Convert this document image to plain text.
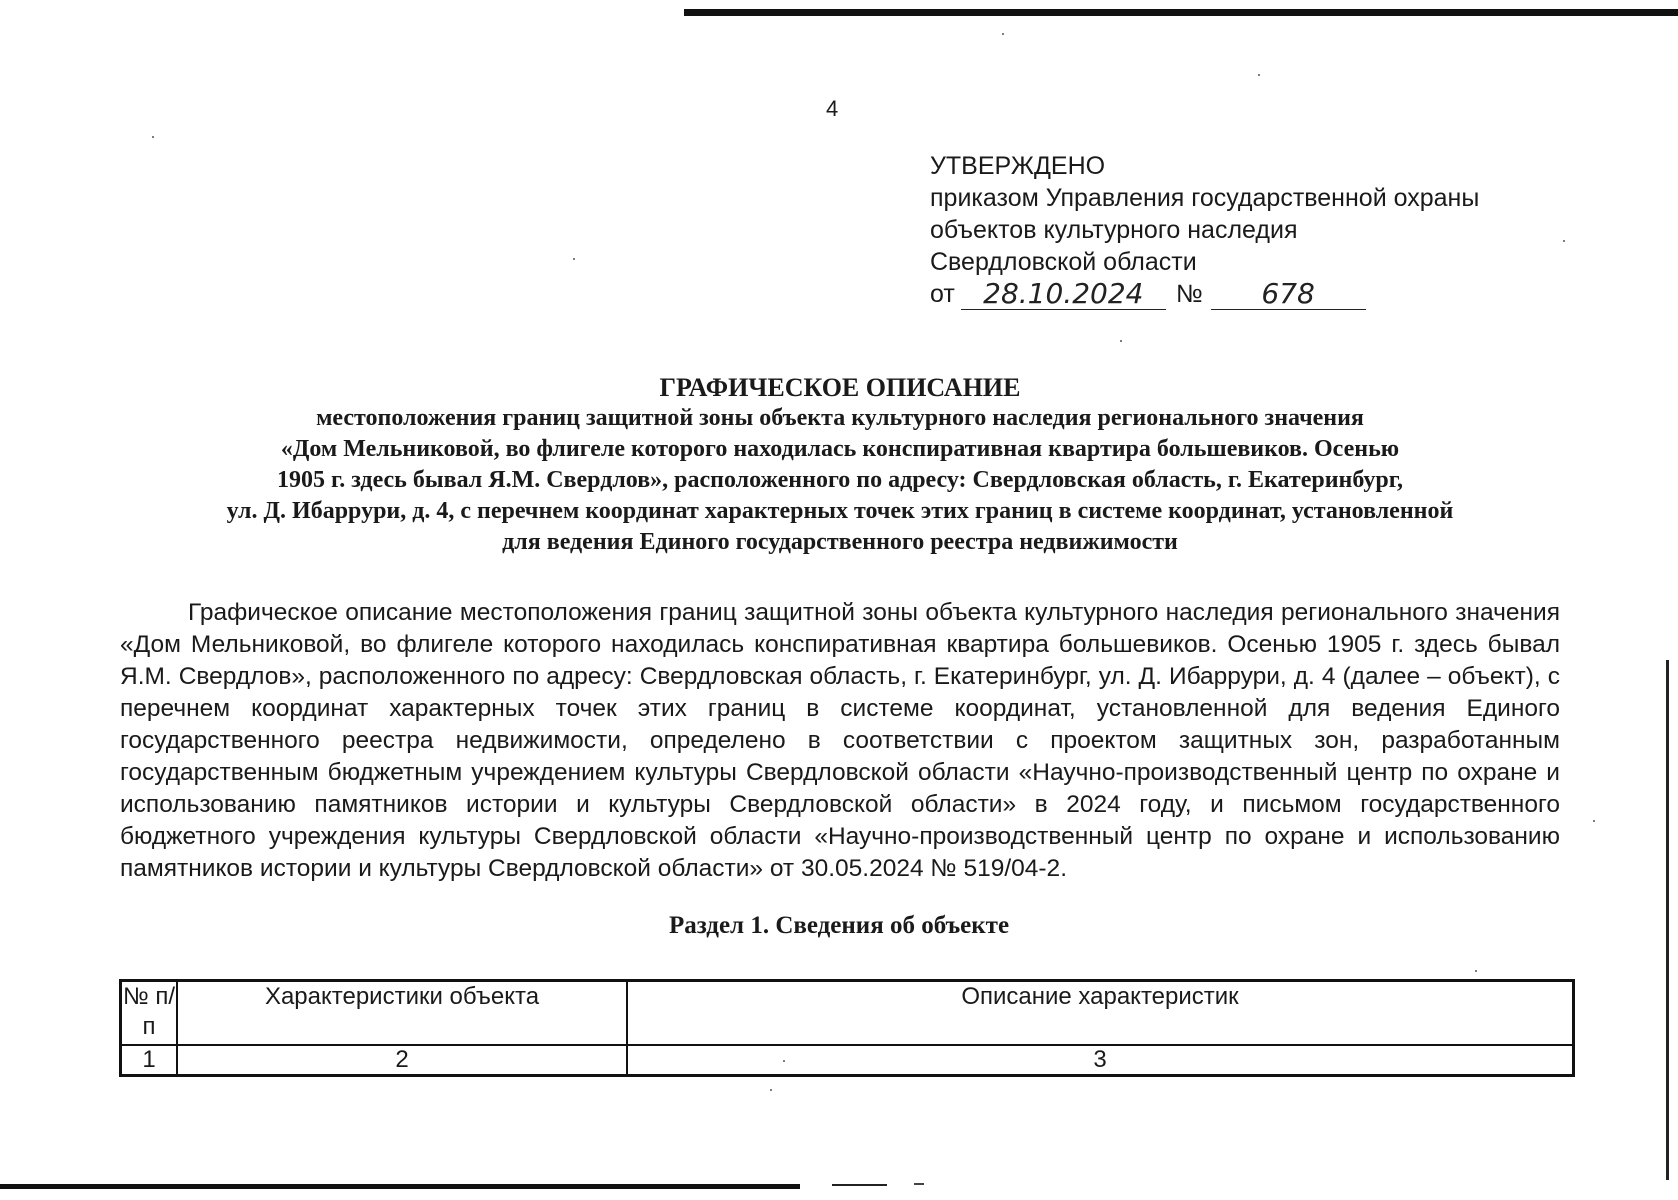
4
УТВЕРЖДЕНО
приказом Управления государственной охраны
объектов культурного наследия
Свердловской области
от	28.10.2024	№	678
ГРАФИЧЕСКОЕ ОПИСАНИЕ
местоположения границ защитной зоны объекта культурного наследия регионального значения
«Дом Мельниковой, во флигеле которого находилась конспиративная квартира большевиков. Осенью
1905 г. здесь бывал Я.М. Свердлов», расположенного по адресу: Свердловская область, г. Екатеринбург,
ул. Д. Ибаррури, д. 4, с перечнем координат характерных точек этих границ в системе координат, установленной
для ведения Единого государственного реестра недвижимости
Графическое описание местоположения границ защитной зоны объекта культурного наследия регионального значения «Дом Мельниковой, во флигеле которого находилась конспиративная квартира большевиков. Осенью 1905 г. здесь бывал Я.М. Свердлов», расположенного по адресу: Свердловская область, г. Екатеринбург, ул. Д. Ибаррури, д. 4 (далее – объект), с перечнем координат характерных точек этих границ в системе координат, установленной для ведения Единого государственного реестра недвижимости, определено в соответствии с проектом защитных зон, разработанным государственным бюджетным учреждением культуры Свердловской области «Научно-производственный центр по охране и использованию памятников истории и культуры Свердловской области» в 2024 году, и письмом государственного бюджетного учреждения культуры Свердловской области «Научно-производственный центр по охране и использованию памятников истории и культуры Свердловской области» от 30.05.2024 № 519/04-2.
Раздел 1. Сведения об объекте
№ п/п	Характеристики объекта	Описание характеристик
1	2	3
